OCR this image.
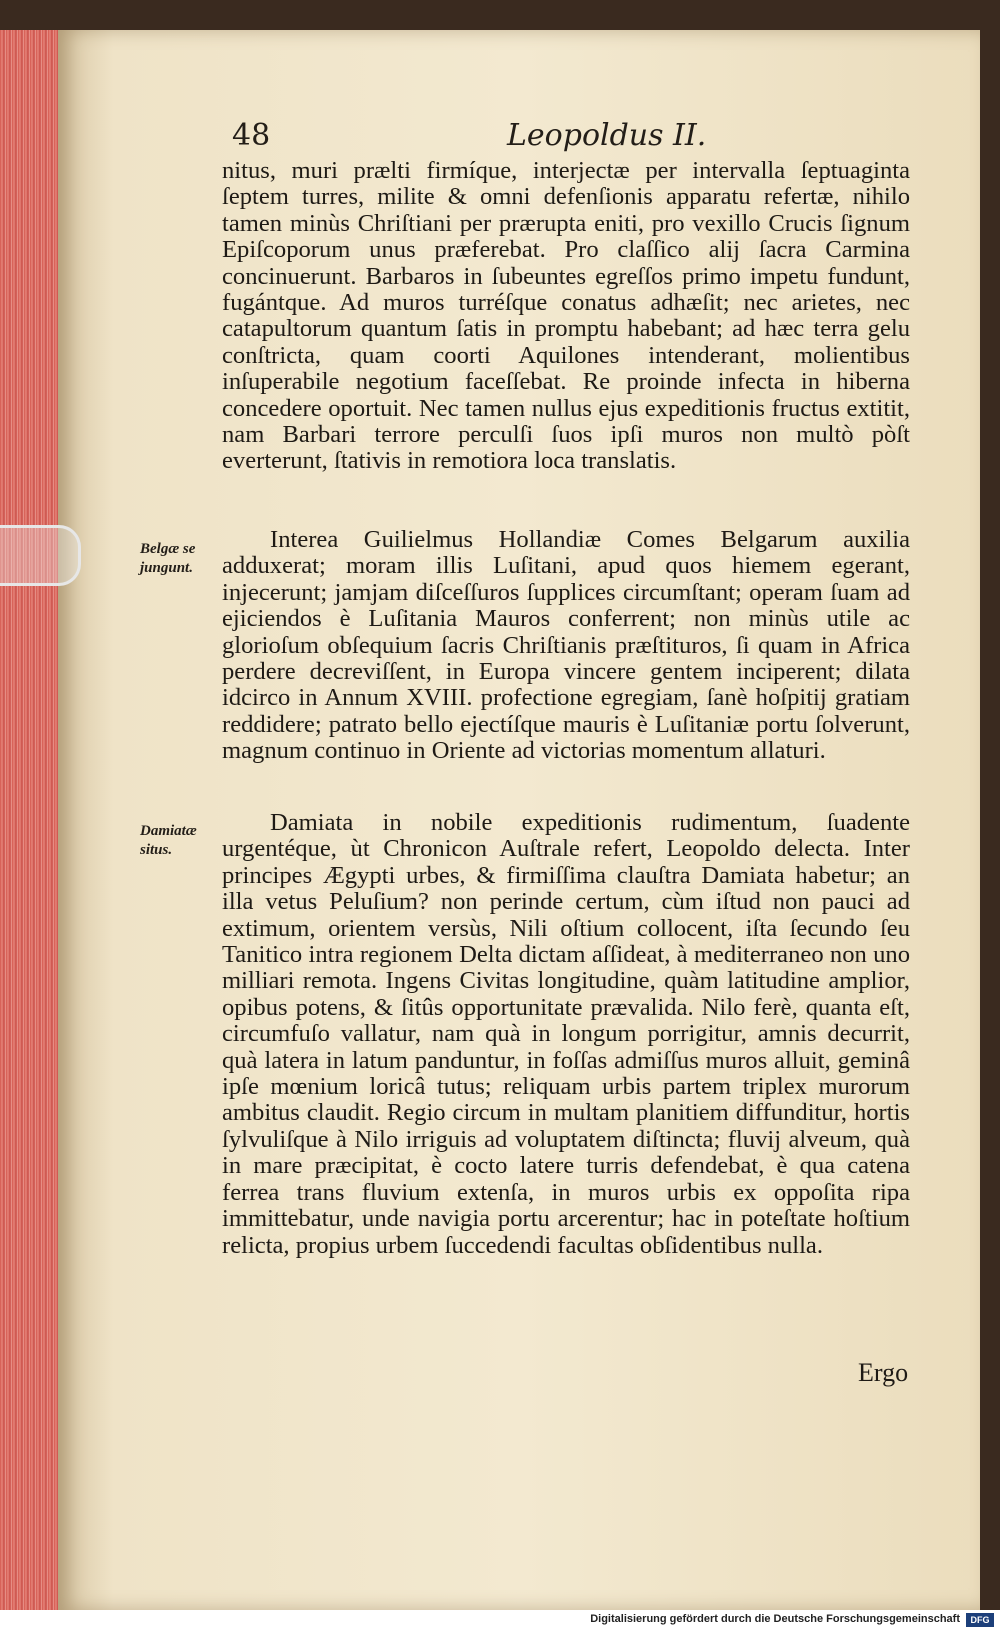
48	Leopoldus II.

nitus, muri prælti firmíque, interjectæ per intervalla ſeptuaginta ſeptem turres, milite & omni defenſionis apparatu refertæ, nihilo tamen minùs Chriſtiani per prærupta eniti, pro vexillo Crucis ſignum Epiſcoporum unus præferebat. Pro claſſico alij ſacra Carmina concinuerunt. Barbaros in ſubeuntes egreſſos primo impetu fundunt, fugántque. Ad muros turréſque conatus adhæſit; nec arietes, nec catapultorum quantum ſatis in promptu habebant; ad hæc terra gelu conſtricta, quam coorti Aquilones intenderant, molientibus inſuperabile negotium faceſſebat. Re proinde infecta in hiberna concedere oportuit. Nec tamen nullus ejus expeditionis fructus extitit, nam Barbari terrore perculſi ſuos ipſi muros non multò pòſt everterunt, ſtativis in remotiora loca translatis.

Belgæ se jungunt.

Interea Guilielmus Hollandiæ Comes Belgarum auxilia adduxerat; moram illis Luſitani, apud quos hiemem egerant, injecerunt; jamjam diſceſſuros ſupplices circumſtant; operam ſuam ad ejiciendos è Luſitania Mauros conferrent; non minùs utile ac glorioſum obſequium ſacris Chriſtianis præſtituros, ſi quam in Africa perdere decreviſſent, in Europa vincere gentem inciperent; dilata idcirco in Annum XVIII. profectione egregiam, ſanè hoſpitij gratiam reddidere; patrato bello ejectíſque mauris è Luſitaniæ portu ſolverunt, magnum continuo in Oriente ad victorias momentum allaturi.

Damiatæ situs.

Damiata in nobile expeditionis rudimentum, ſuadente urgentéque, ùt Chronicon Auſtrale refert, Leopoldo delecta. Inter principes Ægypti urbes, & firmiſſima clauſtra Damiata habetur; an illa vetus Peluſium? non perinde certum, cùm iſtud non pauci ad extimum, orientem versùs, Nili oſtium collocent, iſta ſecundo ſeu Tanitico intra regionem Delta dictam aſſideat, à mediterraneo non uno milliari remota. Ingens Civitas longitudine, quàm latitudine amplior, opibus potens, & ſitûs opportunitate prævalida. Nilo ferè, quanta eſt, circumfuſo vallatur, nam quà in longum porrigitur, amnis decurrit, quà latera in latum panduntur, in foſſas admiſſus muros alluit, geminâ ipſe mœnium loricâ tutus; reliquam urbis partem triplex murorum ambitus claudit. Regio circum in multam planitiem diffunditur, hortis ſylvuliſque à Nilo irriguis ad voluptatem diſtincta; fluvij alveum, quà in mare præcipitat, è cocto latere turris defendebat, è qua catena ferrea trans fluvium extenſa, in muros urbis ex oppoſita ripa immittebatur, unde navigia portu arcerentur; hac in poteſtate hoſtium relicta, propius urbem ſuccedendi facultas obſidentibus nulla.

Ergo
Digitalisierung gefördert durch die Deutsche Forschungsgemeinschaft	DFG
